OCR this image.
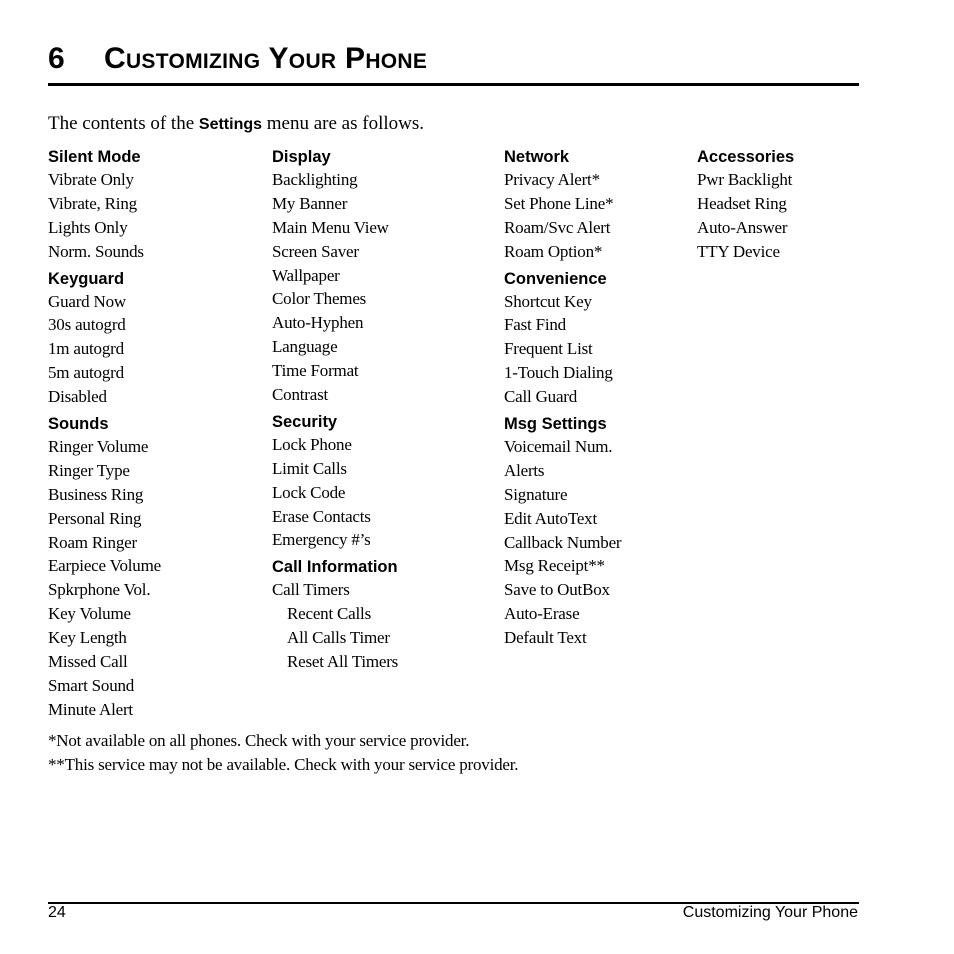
6 Customizing Your Phone
The contents of the Settings menu are as follows.
Silent Mode
Vibrate Only
Vibrate, Ring
Lights Only
Norm. Sounds
Keyguard
Guard Now
30s autogrd
1m autogrd
5m autogrd
Disabled
Sounds
Ringer Volume
Ringer Type
Business Ring
Personal Ring
Roam Ringer
Earpiece Volume
Spkrphone Vol.
Key Volume
Key Length
Missed Call
Smart Sound
Minute Alert
Display
Backlighting
My Banner
Main Menu View
Screen Saver
Wallpaper
Color Themes
Auto-Hyphen
Language
Time Format
Contrast
Security
Lock Phone
Limit Calls
Lock Code
Erase Contacts
Emergency #’s
Call Information
Call Timers
Recent Calls
All Calls Timer
Reset All Timers
Network
Privacy Alert*
Set Phone Line*
Roam/Svc Alert
Roam Option*
Convenience
Shortcut Key
Fast Find
Frequent List
1-Touch Dialing
Call Guard
Msg Settings
Voicemail Num.
Alerts
Signature
Edit AutoText
Callback Number
Msg Receipt**
Save to OutBox
Auto-Erase
Default Text
Accessories
Pwr Backlight
Headset Ring
Auto-Answer
TTY Device
*Not available on all phones. Check with your service provider.
**This service may not be available. Check with your service provider.
24	Customizing Your Phone
